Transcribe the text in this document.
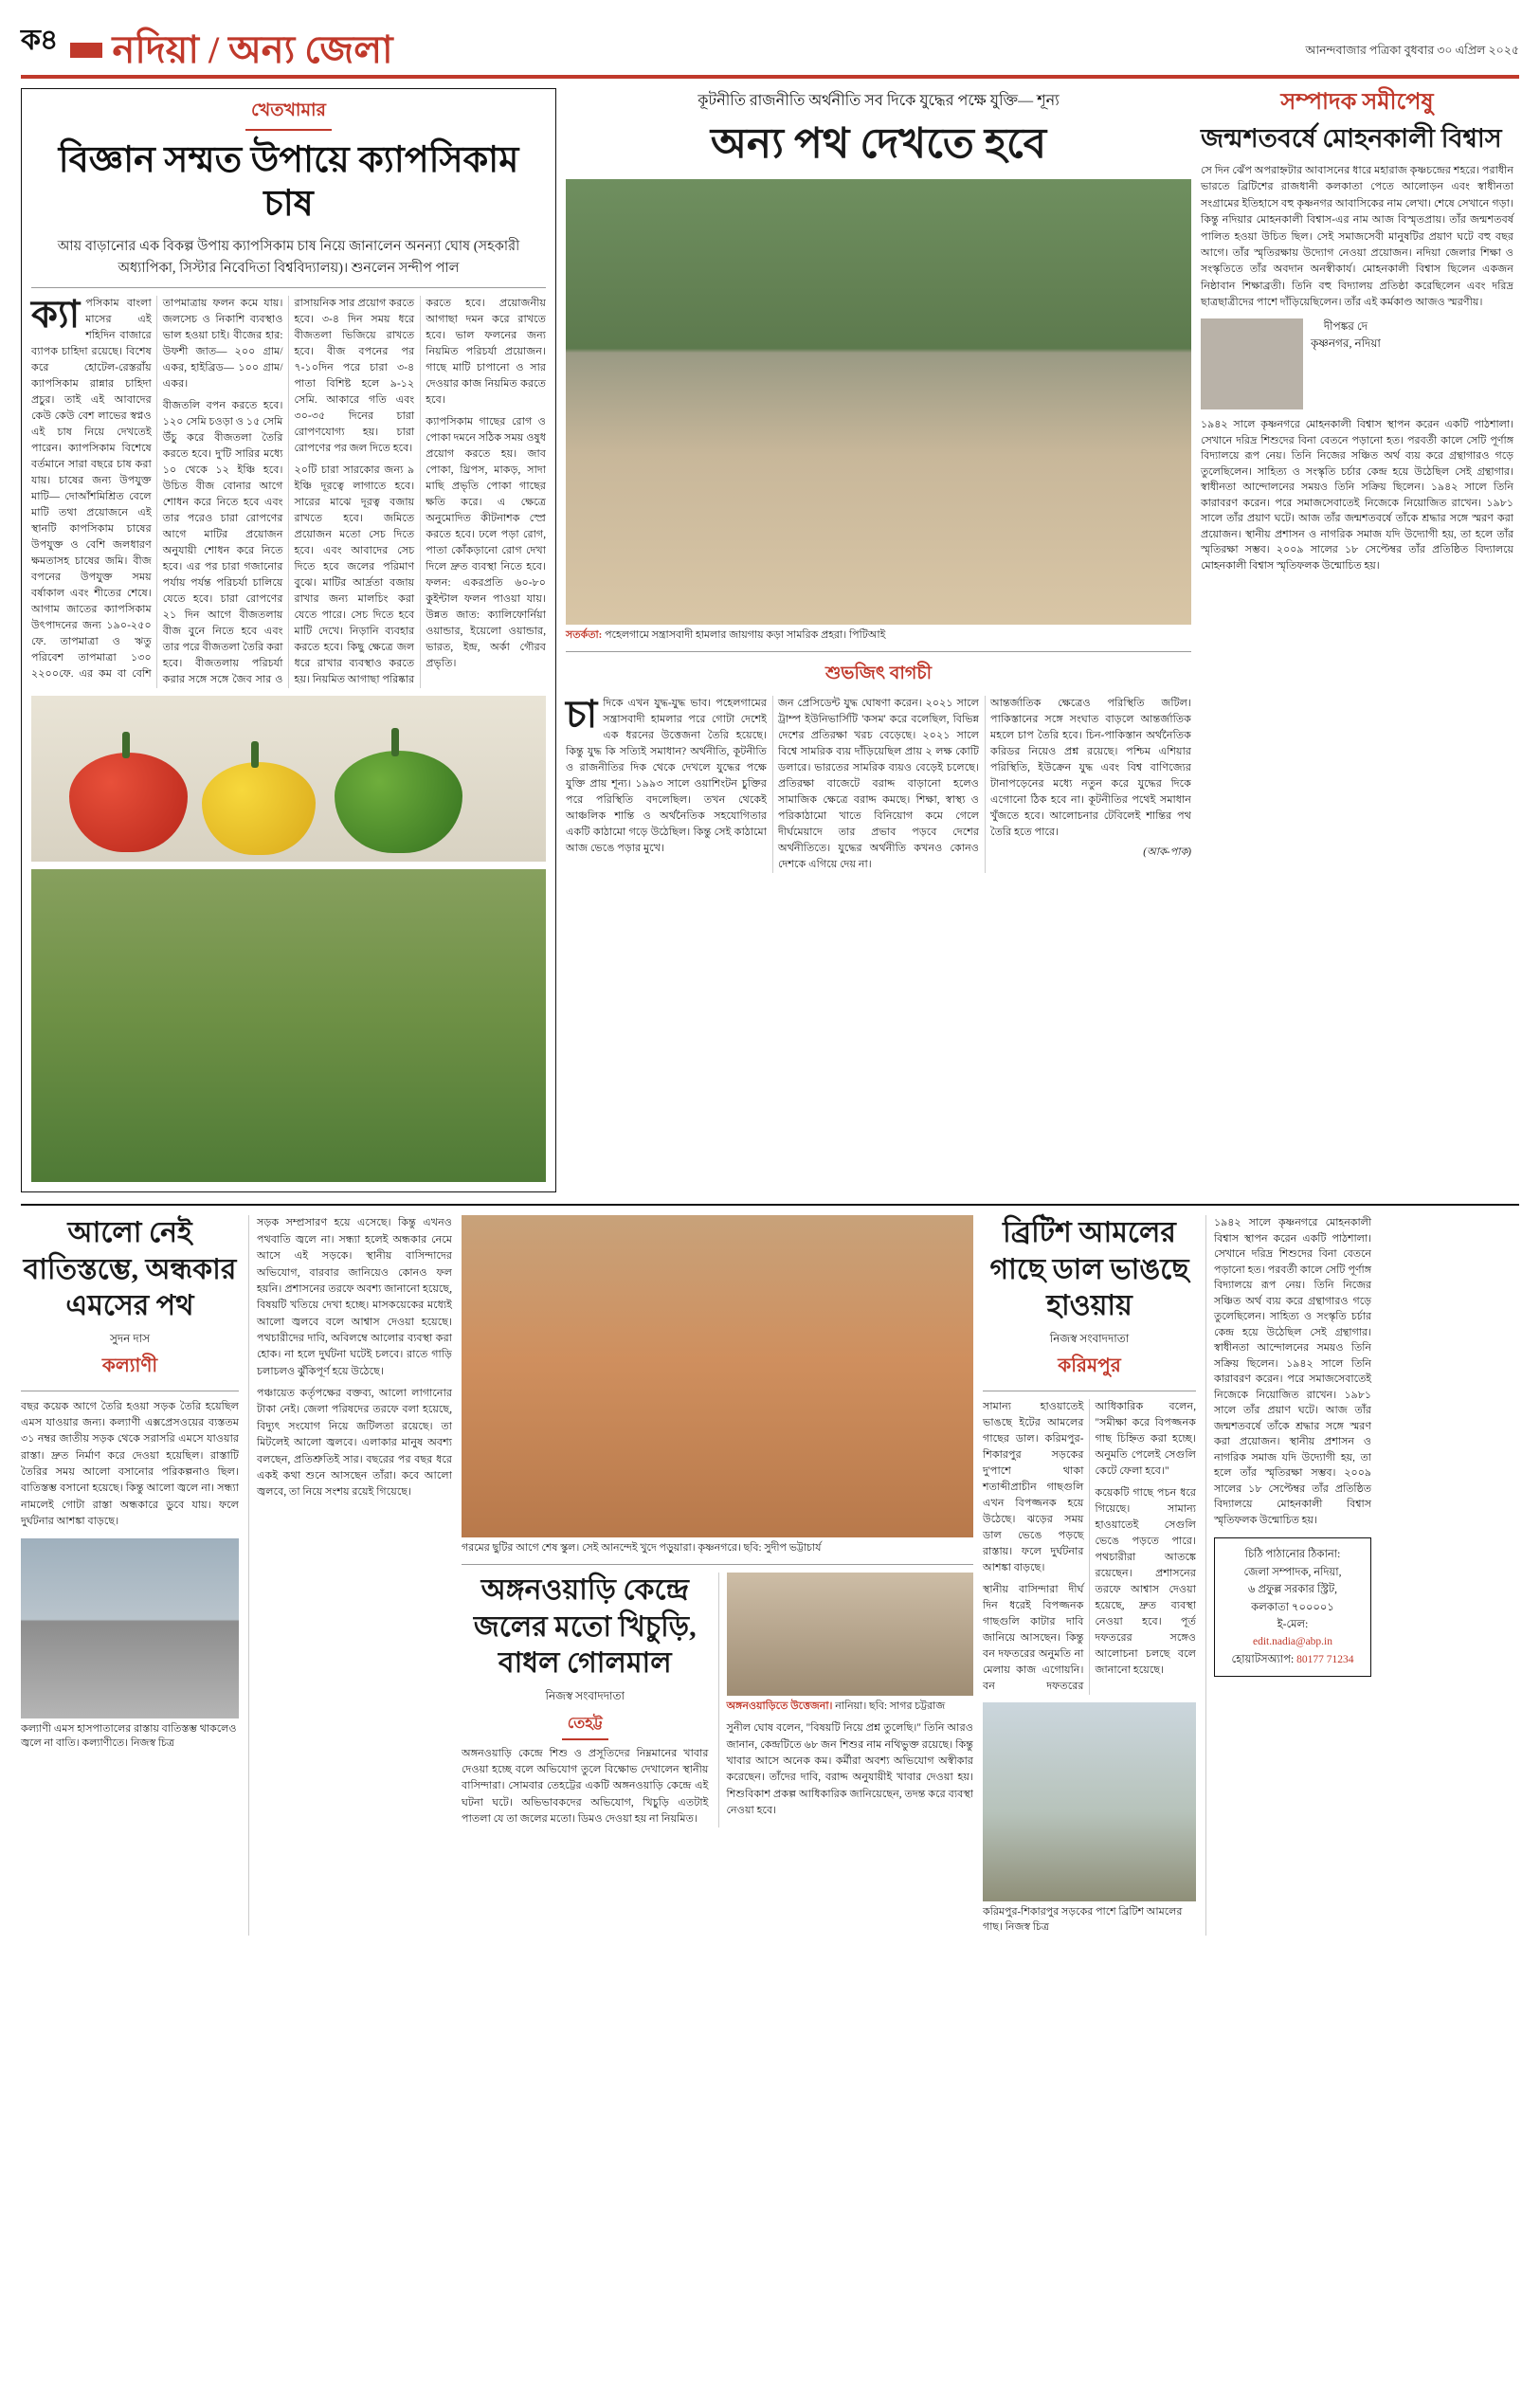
ক৪ নদিয়া / অন্য জেলা	আনন্দবাজার পত্রিকা বুধবার ৩০ এপ্রিল ২০২৫
খেতখামার
বিজ্ঞান সম্মত উপায়ে ক্যাপসিকাম চাষ
আয় বাড়ানোর এক বিকল্প উপায় ক্যাপসিকাম চাষ নিয়ে জানালেন অনন্যা ঘোষ (সহকারী অধ্যাপিকা, সিস্টার নিবেদিতা বিশ্ববিদ্যালয়)। শুনলেন সন্দীপ পাল

ক্যা পসিকাম বাংলা মাসের এই শহিদিন বাজারে ব্যাপক চাহিদা রয়েছে। বিশেষ করে হোটেল-রেস্তরাঁয় ক্যাপসিকাম রান্নার চাহিদা প্রচুর। তাই এই আবাদের কেউ কেউ বেশ লাভের স্বপ্নও এই চাষ নিয়ে দেখতেই পারেন। ক্যাপসিকাম বিশেষে বর্তমানে সারা বছরে চাষ করা যায়। চাষের জন্য উপযুক্ত মাটি— দোআঁশমিশ্রিত বেলে মাটি তথা প্রয়োজনে এই স্থানটি কাপসিকাম চাষের উপযুক্ত ও বেশি জলধারণ ক্ষমতাসহ চাষের জমি। বীজ বপনের উপযুক্ত সময় বর্ষাকাল এবং শীতের শেষে। আগাম জাতের ক্যাপসিকাম উৎপাদনের জন্য ১৯০-২৫০ ফে. তাপমাত্রা ও ঋতু পরিবেশ তাপমাত্রা ১৩০ ২২০০ফে. এর কম বা বেশি তাপমাত্রায় ফলন কমে যায়। জলসেচ ও নিকাশি ব্যবস্থাও ভাল হওয়া চাই। বীজের হার: উফশী জাত— ২০০ গ্রাম/একর, হাইব্রিড— ১০০ গ্রাম/একর।

বীজতলি বপন করতে হবে। ১২০ সেমি চওড়া ও ১৫ সেমি উঁচু করে বীজতলা তৈরি করতে হবে। দু'টি সারির মধ্যে ১০ থেকে ১২ ইঞ্চি হবে। উচিত বীজ বোনার আগে শোধন করে নিতে হবে এবং তার পরেও চারা রোপণের আগে মাটির প্রয়োজন অনুযায়ী শোধন করে নিতে হবে। এর পর চারা গজানোর পর্যায় পর্যন্ত পরিচর্যা চালিয়ে যেতে হবে। চারা রোপণের ২১ দিন আগে বীজতলায় বীজ বুনে নিতে হবে এবং তার পরে বীজতলা তৈরি করা হবে। বীজতলায় পরিচর্যা করার সঙ্গে সঙ্গে জৈব সার ও রাসায়নিক সার প্রয়োগ করতে হবে। ৩-৪ দিন সময় ধরে বীজতলা ভিজিয়ে রাখতে হবে। বীজ বপনের পর ৭-১০দিন পরে চারা ৩-৪ পাতা বিশিষ্ট হলে ৯-১২ সেমি. আকারে গতি এবং ৩০-৩৫ দিনের চারা রোপণযোগ্য হয়। চারা রোপণের পর জল দিতে হবে।

২০টি চারা সারকোর জন্য ৯ ইঞ্চি দূরত্বে লাগাতে হবে। সারের মাঝে দূরত্ব বজায় রাখতে হবে। জমিতে প্রয়োজন মতো সেচ দিতে হবে। এবং আবাদের সেচ দিতে হবে জলের পরিমাণ বুঝে। মাটির আর্দ্রতা বজায় রাখার জন্য মালচিং করা যেতে পারে। সেচ দিতে হবে মাটি দেখে। নিড়ানি ব্যবহার করতে হবে। কিছু ক্ষেত্রে জল ধরে রাখার ব্যবস্থাও করতে হয়। নিয়মিত আগাছা পরিষ্কার করতে হবে। প্রয়োজনীয় আগাছা দমন করে রাখতে হবে। ভাল ফলনের জন্য নিয়মিত পরিচর্যা প্রয়োজন। গাছে মাটি চাপানো ও সার দেওয়ার কাজ নিয়মিত করতে হবে।

ক্যাপসিকাম গাছের রোগ ও পোকা দমনে সঠিক সময় ওষুধ প্রয়োগ করতে হয়। জাব পোকা, থ্রিপস, মাকড়, সাদা মাছি প্রভৃতি পোকা গাছের ক্ষতি করে। এ ক্ষেত্রে অনুমোদিত কীটনাশক স্প্রে করতে হবে। ঢলে পড়া রোগ, পাতা কোঁকড়ানো রোগ দেখা দিলে দ্রুত ব্যবস্থা নিতে হবে। ফলন: একরপ্রতি ৬০-৮০ কুইন্টাল ফলন পাওয়া যায়। উন্নত জাত: ক্যালিফোর্নিয়া ওয়ান্ডার, ইয়েলো ওয়ান্ডার, ভারত, ইন্দ্র, অর্কা গৌরব প্রভৃতি।

কূটনীতি রাজনীতি অর্থনীতি সব দিকে যুদ্ধের পক্ষে যুক্তি— শূন্য
অন্য পথ দেখতে হবে
সতর্কতা: পহেলগামে সন্ত্রাসবাদী হামলার জায়গায় কড়া সামরিক প্রহরা। পিটিআই
শুভজিৎ বাগচী

চাদিকে এখন যুদ্ধ-যুদ্ধ ভাব। পহেলগামের সন্ত্রাসবাদী হামলার পরে গোটা দেশেই এক ধরনের উত্তেজনা তৈরি হয়েছে। কিন্তু যুদ্ধ কি সত্যিই সমাধান? অর্থনীতি, কূটনীতি ও রাজনীতির দিক থেকে দেখলে যুদ্ধের পক্ষে যুক্তি প্রায় শূন্য। ১৯৯৩ সালে ওয়াশিংটন চুক্তির পরে পরিস্থিতি বদলেছিল। তখন থেকেই আঞ্চলিক শান্তি ও অর্থনৈতিক সহযোগিতার একটি কাঠামো গড়ে উঠেছিল। কিন্তু সেই কাঠামো আজ ভেঙে পড়ার মুখে।

জন প্রেসিডেন্ট যুদ্ধ ঘোষণা করেন। ২০২১ সালে ট্রাম্প ইউনিভার্সিটি 'কসম' করে বলেছিল, বিভিন্ন দেশের প্রতিরক্ষা খরচ বেড়েছে। ২০২১ সালে বিশ্বে সামরিক ব্যয় দাঁড়িয়েছিল প্রায় ২ লক্ষ কোটি ডলারে। ভারতের সামরিক ব্যয়ও বেড়েই চলেছে। প্রতিরক্ষা বাজেটে বরাদ্দ বাড়ানো হলেও সামাজিক ক্ষেত্রে বরাদ্দ কমছে। শিক্ষা, স্বাস্থ্য ও পরিকাঠামো খাতে বিনিয়োগ কমে গেলে দীর্ঘমেয়াদে তার প্রভাব পড়বে দেশের অর্থনীতিতে। যুদ্ধের অর্থনীতি কখনও কোনও দেশকে এগিয়ে দেয় না।

আন্তর্জাতিক ক্ষেত্রেও পরিস্থিতি জটিল। পাকিস্তানের সঙ্গে সংঘাত বাড়লে আন্তর্জাতিক মহলে চাপ তৈরি হবে। চিন-পাকিস্তান অর্থনৈতিক করিডর নিয়েও প্রশ্ন রয়েছে। পশ্চিম এশিয়ার পরিস্থিতি, ইউক্রেন যুদ্ধ এবং বিশ্ব বাণিজ্যের টানাপড়েনের মধ্যে নতুন করে যুদ্ধের দিকে এগোনো ঠিক হবে না। কূটনীতির পথেই সমাধান খুঁজতে হবে। আলোচনার টেবিলেই শান্তির পথ তৈরি হতে পারে।

(আক-পাক)

সম্পাদক সমীপেষু
জন্মশতবর্ষে মোহনকালী বিশ্বাস
সে দিন ঝেঁপ অপরাহ্নটার আবাসনের ধারে মহারাজ কৃষ্ণচন্দ্রের শহরে। পরাধীন ভারতে ব্রিটিশের রাজধানী কলকাতা পেতে আলোড়ন এবং স্বাধীনতা সংগ্রামের ইতিহাসে বহু কৃষ্ণনগর আবাসিকের নাম লেখা। শেষে সেখানে গড়া। কিন্তু নদিয়ার মোহনকালী বিশ্বাস-এর নাম আজ বিস্মৃতপ্রায়। তাঁর জন্মশতবর্ষ পালিত হওয়া উচিত ছিল। সেই সমাজসেবী মানুষটির প্রয়াণ ঘটে বহু বছর আগে। তাঁর স্মৃতিরক্ষায় উদ্যোগ নেওয়া প্রয়োজন। নদিয়া জেলার শিক্ষা ও সংস্কৃতিতে তাঁর অবদান অনস্বীকার্য। মোহনকালী বিশ্বাস ছিলেন একজন নিষ্ঠাবান শিক্ষাব্রতী। তিনি বহু বিদ্যালয় প্রতিষ্ঠা করেছিলেন এবং দরিদ্র ছাত্রছাত্রীদের পাশে দাঁড়িয়েছিলেন। তাঁর এই কর্মকাণ্ড আজও স্মরণীয়।
দীপঙ্কর দে
কৃষ্ণনগর, নদিয়া
১৯৪২ সালে কৃষ্ণনগরে মোহনকালী বিশ্বাস স্থাপন করেন একটি পাঠশালা। সেখানে দরিদ্র শিশুদের বিনা বেতনে পড়ানো হত। পরবর্তী কালে সেটি পূর্ণাঙ্গ বিদ্যালয়ে রূপ নেয়। তিনি নিজের সঞ্চিত অর্থ ব্যয় করে গ্রন্থাগারও গড়ে তুলেছিলেন। সাহিত্য ও সংস্কৃতি চর্চার কেন্দ্র হয়ে উঠেছিল সেই গ্রন্থাগার। স্বাধীনতা আন্দোলনের সময়ও তিনি সক্রিয় ছিলেন। ১৯৪২ সালে তিনি কারাবরণ করেন। পরে সমাজসেবাতেই নিজেকে নিয়োজিত রাখেন। ১৯৮১ সালে তাঁর প্রয়াণ ঘটে। আজ তাঁর জন্মশতবর্ষে তাঁকে শ্রদ্ধার সঙ্গে স্মরণ করা প্রয়োজন। স্থানীয় প্রশাসন ও নাগরিক সমাজ যদি উদ্যোগী হয়, তা হলে তাঁর স্মৃতিরক্ষা সম্ভব। ২০০৯ সালের ১৮ সেপ্টেম্বর তাঁর প্রতিষ্ঠিত বিদ্যালয়ে মোহনকালী বিশ্বাস স্মৃতিফলক উন্মোচিত হয়।
আলো নেই বাতিস্তম্ভে, অন্ধকার এমসের পথ
সুদন দাস
কল্যাণী
বছর কয়েক আগে তৈরি হওয়া সড়ক তৈরি হয়েছিল এমস যাওয়ার জন্য। কল্যাণী এক্সপ্রেসওয়ের ব্যস্ততম ৩১ নম্বর জাতীয় সড়ক থেকে সরাসরি এমসে যাওয়ার রাস্তা। দ্রুত নির্মাণ করে দেওয়া হয়েছিল। রাস্তাটি তৈরির সময় আলো বসানোর পরিকল্পনাও ছিল। বাতিস্তম্ভ বসানো হয়েছে। কিন্তু আলো জ্বলে না। সন্ধ্যা নামলেই গোটা রাস্তা অন্ধকারে ডুবে যায়। ফলে দুর্ঘটনার আশঙ্কা বাড়ছে।
কল্যাণী এমস হাসপাতালের রাস্তায় বাতিস্তম্ভ থাকলেও জ্বলে না বাতি। কল্যাণীতে। নিজস্ব চিত্র
সড়ক সম্প্রসারণ হয়ে এসেছে। কিন্তু এখনও পথবাতি জ্বলে না। সন্ধ্যা হলেই অন্ধকার নেমে আসে এই সড়কে। স্থানীয় বাসিন্দাদের অভিযোগ, বারবার জানিয়েও কোনও ফল হয়নি। প্রশাসনের তরফে অবশ্য জানানো হয়েছে, বিষয়টি খতিয়ে দেখা হচ্ছে। মাসকয়েকের মধ্যেই আলো জ্বলবে বলে আশ্বাস দেওয়া হয়েছে। পথচারীদের দাবি, অবিলম্বে আলোর ব্যবস্থা করা হোক। না হলে দুর্ঘটনা ঘটেই চলবে। রাতে গাড়ি চলাচলও ঝুঁকিপূর্ণ হয়ে উঠেছে।
পঞ্চায়েত কর্তৃপক্ষের বক্তব্য, আলো লাগানোর টাকা নেই। জেলা পরিষদের তরফে বলা হয়েছে, বিদ্যুৎ সংযোগ নিয়ে জটিলতা রয়েছে। তা মিটলেই আলো জ্বলবে। এলাকার মানুষ অবশ্য বলছেন, প্রতিশ্রুতিই সার। বছরের পর বছর ধরে একই কথা শুনে আসছেন তাঁরা। কবে আলো জ্বলবে, তা নিয়ে সংশয় রয়েই গিয়েছে।
গরমের ছুটির আগে শেষ স্কুল। সেই আনন্দেই খুদে পড়ুয়ারা। কৃষ্ণনগরে। ছবি: সুদীপ ভট্টাচার্য
অঙ্গনওয়াড়ি কেন্দ্রে জলের মতো খিচুড়ি, বাধল গোলমাল
নিজস্ব সংবাদদাতা
তেহট্ট
অঙ্গনওয়াড়ি কেন্দ্রে শিশু ও প্রসূতিদের নিম্নমানের খাবার দেওয়া হচ্ছে বলে অভিযোগ তুলে বিক্ষোভ দেখালেন স্থানীয় বাসিন্দারা। সোমবার তেহট্টের একটি অঙ্গনওয়াড়ি কেন্দ্রে এই ঘটনা ঘটে। অভিভাবকদের অভিযোগ, খিচুড়ি এতটাই পাতলা যে তা জলের মতো। ডিমও দেওয়া হয় না নিয়মিত।
অঙ্গনওয়াড়িতে উত্তেজনা। নানিয়া। ছবি: সাগর চট্টরাজ
সুনীল ঘোষ বলেন, "বিষয়টি নিয়ে প্রশ্ন তুলেছি।" তিনি আরও জানান, কেন্দ্রটিতে ৬৮ জন শিশুর নাম নথিভুক্ত রয়েছে। কিন্তু খাবার আসে অনেক কম। কর্মীরা অবশ্য অভিযোগ অস্বীকার করেছেন। তাঁদের দাবি, বরাদ্দ অনুযায়ীই খাবার দেওয়া হয়। শিশুবিকাশ প্রকল্প আধিকারিক জানিয়েছেন, তদন্ত করে ব্যবস্থা নেওয়া হবে।
ব্রিটিশ আমলের গাছে ডাল ভাঙছে হাওয়ায়
নিজস্ব সংবাদদাতা
করিমপুর

সামান্য হাওয়াতেই ভাঙছে ইটের আমলের গাছের ডাল। করিমপুর-শিকারপুর সড়কের দু'পাশে থাকা শতাব্দীপ্রাচীন গাছগুলি এখন বিপজ্জনক হয়ে উঠেছে। ঝড়ের সময় ডাল ভেঙে পড়ছে রাস্তায়। ফলে দুর্ঘটনার আশঙ্কা বাড়ছে।

স্থানীয় বাসিন্দারা দীর্ঘ দিন ধরেই বিপজ্জনক গাছগুলি কাটার দাবি জানিয়ে আসছেন। কিন্তু বন দফতরের অনুমতি না মেলায় কাজ এগোয়নি। বন দফতরের আধিকারিক বলেন, "সমীক্ষা করে বিপজ্জনক গাছ চিহ্নিত করা হচ্ছে। অনুমতি পেলেই সেগুলি কেটে ফেলা হবে।"

কয়েকটি গাছে পচন ধরে গিয়েছে। সামান্য হাওয়াতেই সেগুলি ভেঙে পড়তে পারে। পথচারীরা আতঙ্কে রয়েছেন। প্রশাসনের তরফে আশ্বাস দেওয়া হয়েছে, দ্রুত ব্যবস্থা নেওয়া হবে। পূর্ত দফতরের সঙ্গেও আলোচনা চলছে বলে জানানো হয়েছে।

করিমপুর-শিকারপুর সড়কের পাশে ব্রিটিশ আমলের গাছ। নিজস্ব চিত্র
১৯৪২ সালে কৃষ্ণনগরে মোহনকালী বিশ্বাস স্থাপন করেন একটি পাঠশালা। সেখানে দরিদ্র শিশুদের বিনা বেতনে পড়ানো হত। পরবর্তী কালে সেটি পূর্ণাঙ্গ বিদ্যালয়ে রূপ নেয়। তিনি নিজের সঞ্চিত অর্থ ব্যয় করে গ্রন্থাগারও গড়ে তুলেছিলেন। সাহিত্য ও সংস্কৃতি চর্চার কেন্দ্র হয়ে উঠেছিল সেই গ্রন্থাগার। স্বাধীনতা আন্দোলনের সময়ও তিনি সক্রিয় ছিলেন। ১৯৪২ সালে তিনি কারাবরণ করেন। পরে সমাজসেবাতেই নিজেকে নিয়োজিত রাখেন। ১৯৮১ সালে তাঁর প্রয়াণ ঘটে। আজ তাঁর জন্মশতবর্ষে তাঁকে শ্রদ্ধার সঙ্গে স্মরণ করা প্রয়োজন। স্থানীয় প্রশাসন ও নাগরিক সমাজ যদি উদ্যোগী হয়, তা হলে তাঁর স্মৃতিরক্ষা সম্ভব। ২০০৯ সালের ১৮ সেপ্টেম্বর তাঁর প্রতিষ্ঠিত বিদ্যালয়ে মোহনকালী বিশ্বাস স্মৃতিফলক উন্মোচিত হয়।
চিঠি পাঠানোর ঠিকানা:
জেলা সম্পাদক, নদিয়া,
৬ প্রফুল্ল সরকার স্ট্রিট,
কলকাতা ৭০০০০১
ই-মেল:
edit.nadia@abp.in
হোয়াটসঅ্যাপ: 80177 71234
